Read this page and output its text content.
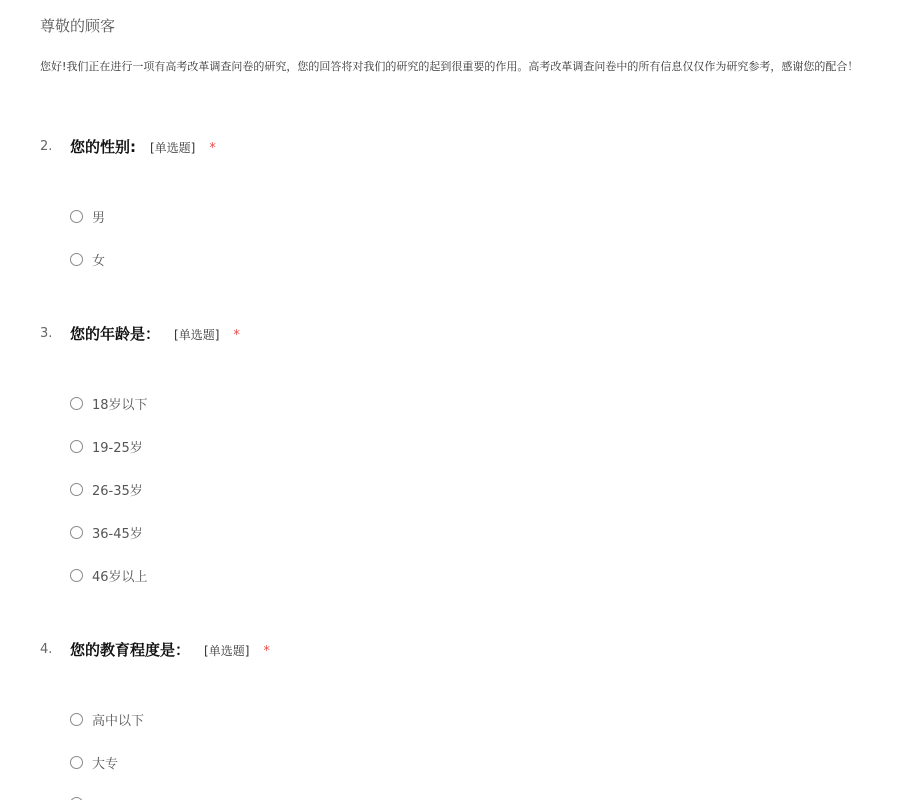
尊敬的顾客
您好!我们正在进行一项有高考改革调查问卷的研究，您的回答将对我们的研究的起到很重要的作用。高考改革调查问卷中的所有信息仅仅作为研究参考，感谢您的配合！
2. 您的性别: [单选题] *
男
女
3. 您的年龄是： [单选题] *
18岁以下
19-25岁
26-35岁
36-45岁
46岁以上
4. 您的教育程度是： [单选题] *
高中以下
大专
